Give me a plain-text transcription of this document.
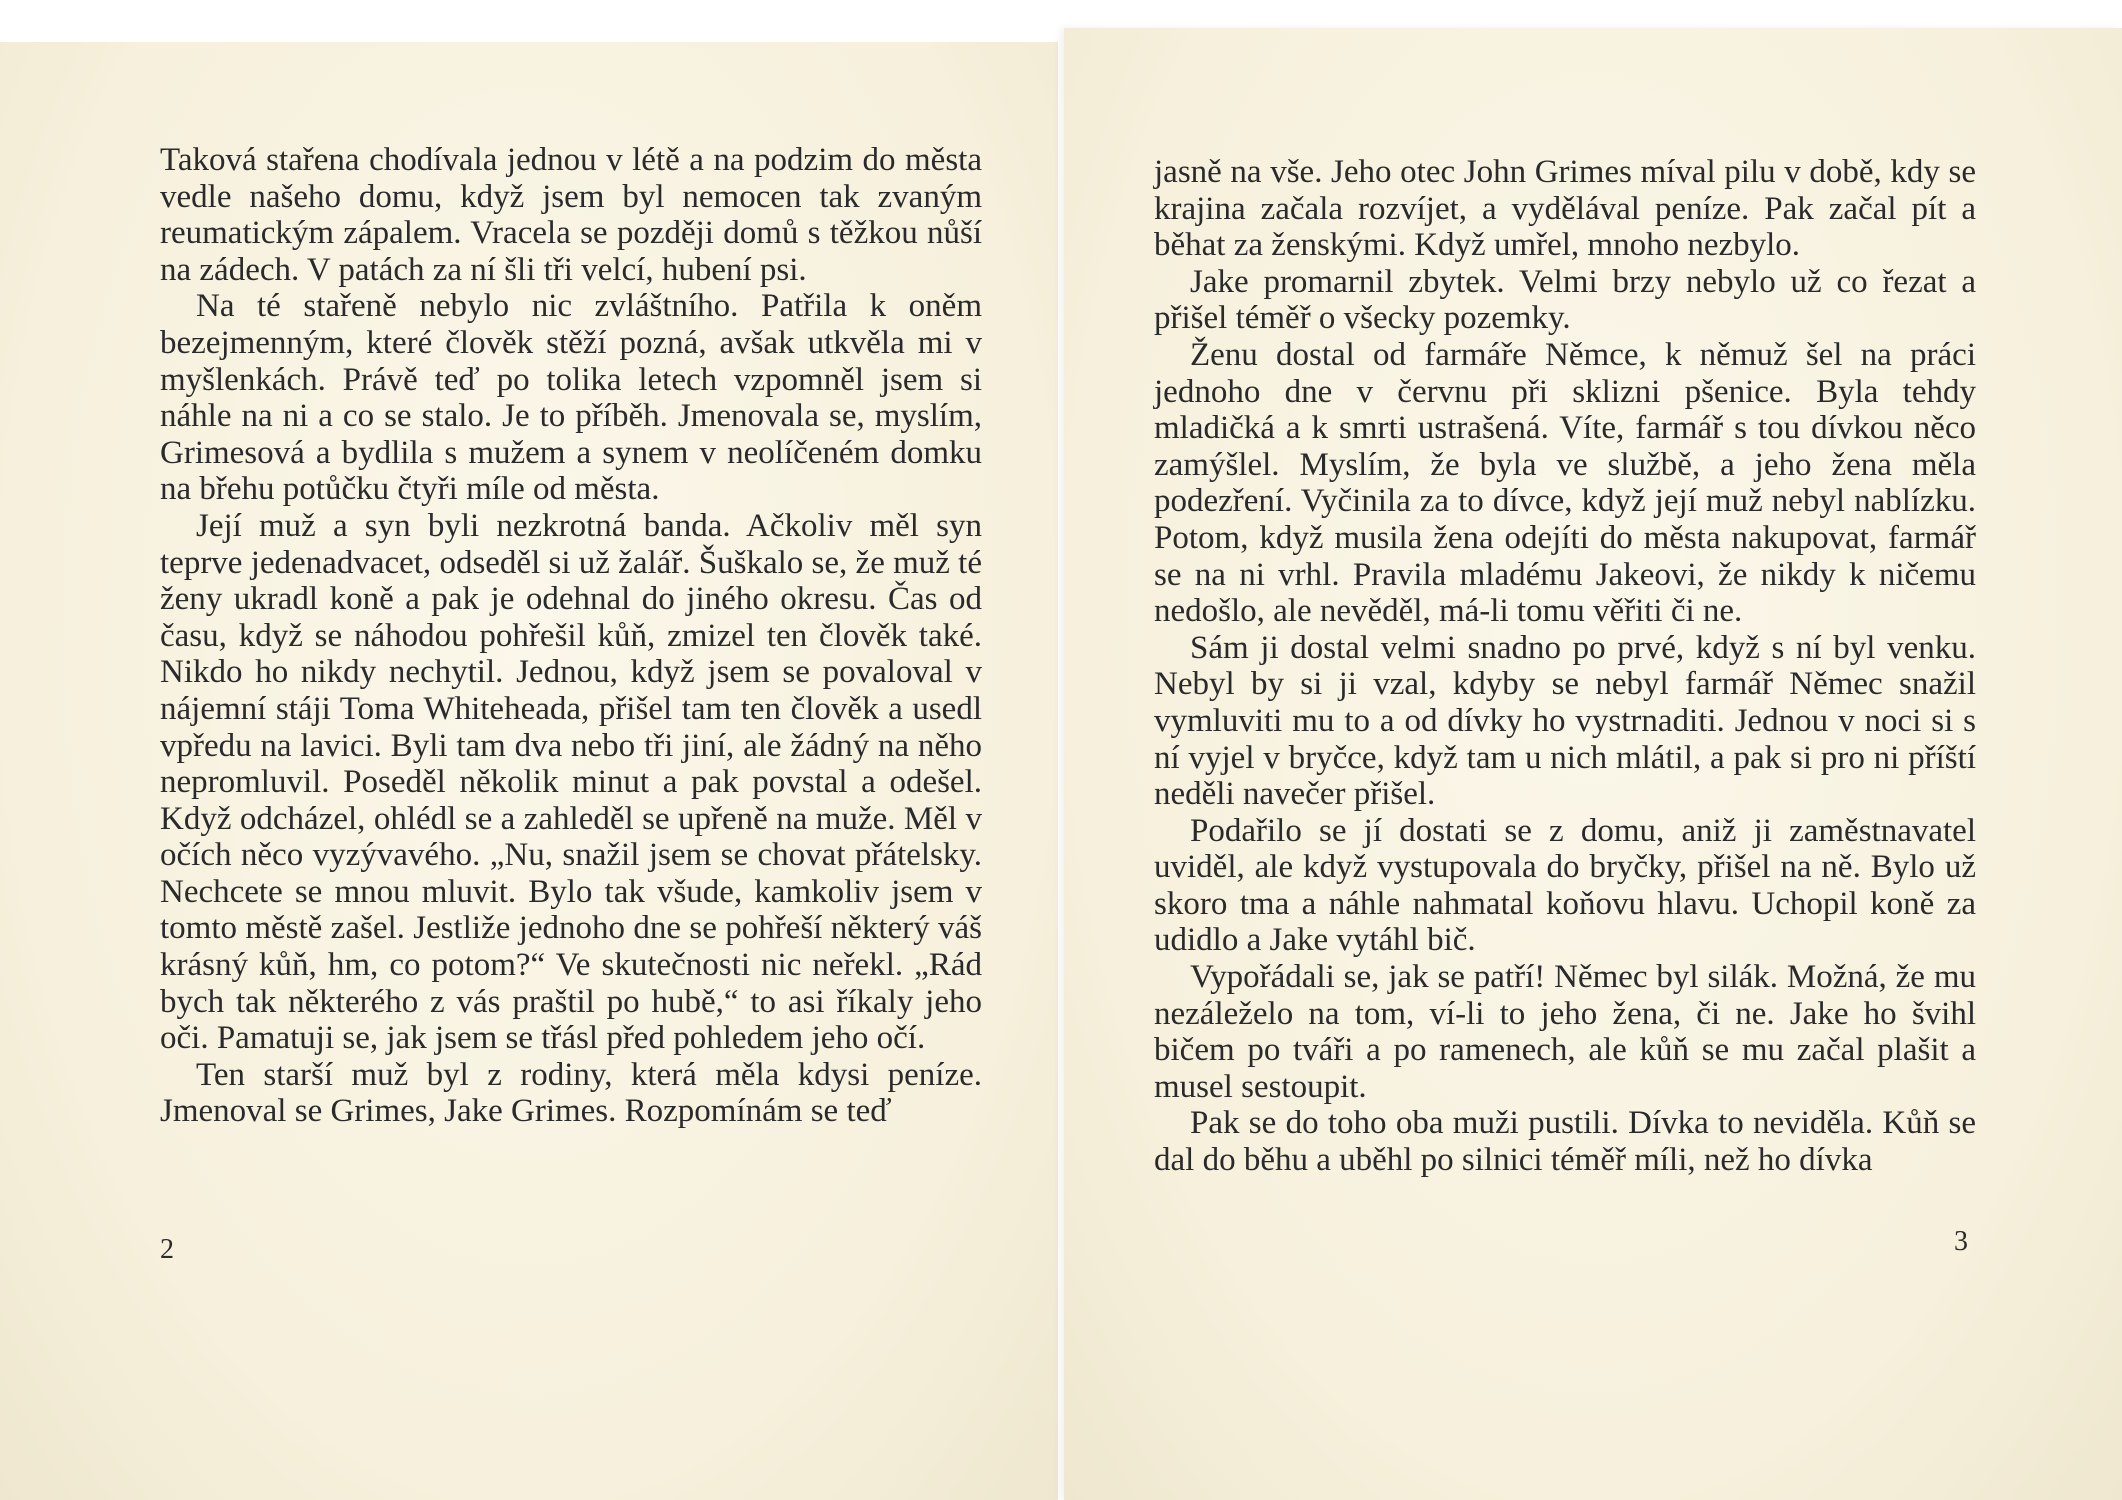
Taková stařena chodívala jednou v létě a na podzim do města vedle našeho domu, když jsem byl nemocen tak zvaným reumatickým zápalem. Vracela se později domů s těžkou nůší na zádech. V patách za ní šli tři velcí, hubení psi.

Na té stařeně nebylo nic zvláštního. Patřila k oněm bezejmenným, které člověk stěží pozná, avšak utkvěla mi v myšlenkách. Právě teď po tolika letech vzpomněl jsem si náhle na ni a co se stalo. Je to příběh. Jmenovala se, myslím, Grimesová a bydlila s mužem a synem v neolíčeném domku na břehu potůčku čtyři míle od města.

Její muž a syn byli nezkrotná banda. Ačkoliv měl syn teprve jedenadvacet, odseděl si už žalář. Šuškalo se, že muž té ženy ukradl koně a pak je odehnal do jiného okresu. Čas od času, když se náhodou pohřešil kůň, zmizel ten člověk také. Nikdo ho nikdy nechytil. Jednou, když jsem se povaloval v nájemní stáji Toma Whiteheada, přišel tam ten člověk a usedl vpředu na lavici. Byli tam dva nebo tři jiní, ale žádný na něho nepromluvil. Poseděl několik minut a pak povstal a odešel. Když odcházel, ohlédl se a zahleděl se upřeně na muže. Měl v očích něco vyzývavého. „Nu, snažil jsem se chovat přátelsky. Nechcete se mnou mluvit. Bylo tak všude, kamkoliv jsem v tomto městě zašel. Jestliže jednoho dne se pohřeší některý váš krásný kůň, hm, co potom?“ Ve skutečnosti nic neřekl. „Rád bych tak některého z vás praštil po hubě,“ to asi říkaly jeho oči. Pamatuji se, jak jsem se třásl před pohledem jeho očí.

Ten starší muž byl z rodiny, která měla kdysi peníze. Jmenoval se Grimes, Jake Grimes. Rozpomínám se teď

2

jasně na vše. Jeho otec John Grimes míval pilu v době, kdy se krajina začala rozvíjet, a vydělával peníze. Pak začal pít a běhat za ženskými. Když umřel, mnoho nezbylo.

Jake promarnil zbytek. Velmi brzy nebylo už co řezat a přišel téměř o všecky pozemky.

Ženu dostal od farmáře Němce, k němuž šel na práci jednoho dne v červnu při sklizni pšenice. Byla tehdy mladičká a k smrti ustrašená. Víte, farmář s tou dívkou něco zamýšlel. Myslím, že byla ve službě, a jeho žena měla podezření. Vyčinila za to dívce, když její muž nebyl nablízku. Potom, když musila žena odejíti do města nakupovat, farmář se na ni vrhl. Pravila mladému Jakeovi, že nikdy k ničemu nedošlo, ale nevěděl, má-li tomu věřiti či ne.

Sám ji dostal velmi snadno po prvé, když s ní byl venku. Nebyl by si ji vzal, kdyby se nebyl farmář Němec snažil vymluviti mu to a od dívky ho vystrnaditi. Jednou v noci si s ní vyjel v bryčce, když tam u nich mlátil, a pak si pro ni příští neděli navečer přišel.

Podařilo se jí dostati se z domu, aniž ji zaměstnavatel uviděl, ale když vystupovala do bryčky, přišel na ně. Bylo už skoro tma a náhle nahmatal koňovu hlavu. Uchopil koně za udidlo a Jake vytáhl bič.

Vypořádali se, jak se patří! Němec byl silák. Možná, že mu nezáleželo na tom, ví-li to jeho žena, či ne. Jake ho švihl bičem po tváři a po ramenech, ale kůň se mu začal plašit a musel sestoupit.

Pak se do toho oba muži pustili. Dívka to neviděla. Kůň se dal do běhu a uběhl po silnici téměř míli, než ho dívka

3
